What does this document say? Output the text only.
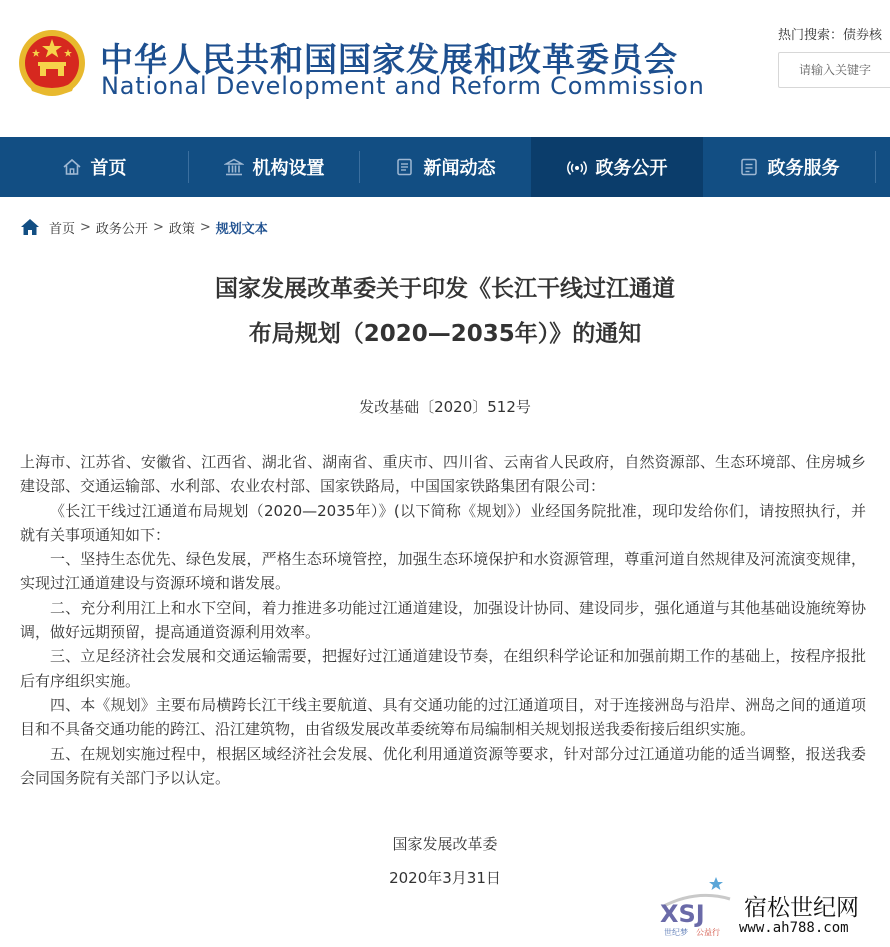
中华人民共和国国家发展和改革委员会
National Development and Reform Commission
热门搜索：债券核
请输入关键字
首页	机构设置	新闻动态	政务公开	政务服务
首页 > 政务公开 > 政策 > 规划文本
国家发展改革委关于印发《长江干线过江通道
布局规划（2020—2035年）》的通知
发改基础〔2020〕512号

上海市、江苏省、安徽省、江西省、湖北省、湖南省、重庆市、四川省、云南省人民政府，自然资源部、生态环境部、住房城乡建设部、交通运输部、水利部、农业农村部、国家铁路局，中国国家铁路集团有限公司：

《长江干线过江通道布局规划（2020—2035年）》(以下简称《规划》）业经国务院批准，现印发给你们，请按照执行，并就有关事项通知如下：

一、坚持生态优先、绿色发展，严格生态环境管控，加强生态环境保护和水资源管理，尊重河道自然规律及河流演变规律，实现过江通道建设与资源环境和谐发展。

二、充分利用江上和水下空间，着力推进多功能过江通道建设，加强设计协同、建设同步，强化通道与其他基础设施统筹协调，做好远期预留，提高通道资源利用效率。

三、立足经济社会发展和交通运输需要，把握好过江通道建设节奏，在组织科学论证和加强前期工作的基础上，按程序报批后有序组织实施。

四、本《规划》主要布局横跨长江干线主要航道、具有交通功能的过江通道项目，对于连接洲岛与沿岸、洲岛之间的通道项目和不具备交通功能的跨江、沿江建筑物，由省级发展改革委统筹布局编制相关规划报送我委衔接后组织实施。

五、在规划实施过程中，根据区域经济社会发展、优化利用通道资源等要求，针对部分过江通道功能的适当调整，报送我委会同国务院有关部门予以认定。

国家发展改革委
2020年3月31日
XSJ
世纪梦 公益行
宿松世纪网
www.ah788.com
